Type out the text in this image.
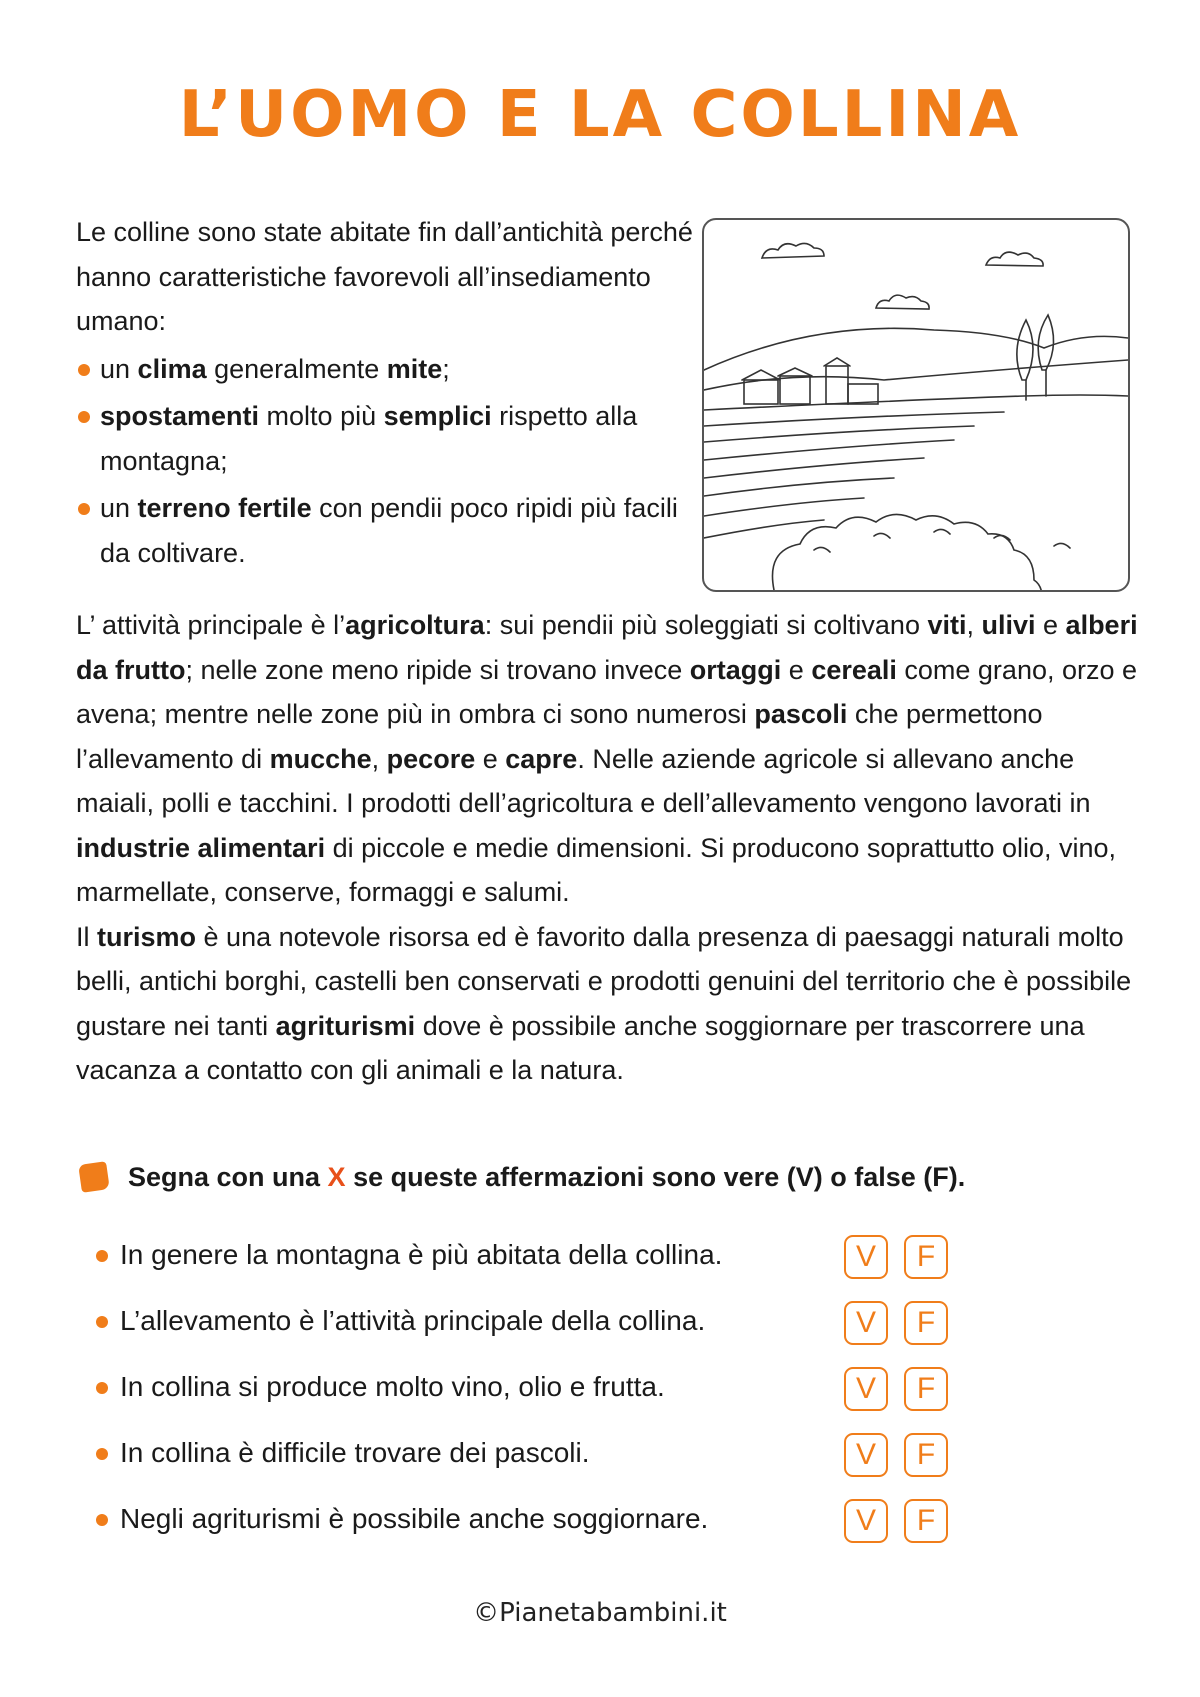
L’UOMO E LA COLLINA

Le colline sono state abitate fin dall’antichità perché hanno caratteristiche favorevoli all’insediamento umano:

un clima generalmente mite;
spostamenti molto più semplici rispetto alla montagna;
un terreno fertile con pendii poco ripidi più facili da coltivare.

L’ attività principale è l’agricoltura: sui pendii più soleggiati si coltivano viti, ulivi e alberi da frutto; nelle zone meno ripide si trovano invece ortaggi e cereali come grano, orzo e avena; mentre nelle zone più in ombra ci sono numerosi pascoli che permettono l’allevamento di mucche, pecore e capre. Nelle aziende agricole si allevano anche maiali, polli e tacchini. I prodotti dell’agricoltura e dell’allevamento vengono lavorati in industrie alimentari di piccole e medie dimensioni. Si producono soprattutto olio, vino, marmellate, conserve, formaggi e salumi.

Il turismo è una notevole risorsa ed è favorito dalla presenza di paesaggi naturali molto belli, antichi borghi, castelli ben conservati e prodotti genuini del territorio che è possibile gustare nei tanti agriturismi dove è possibile anche soggiornare per trascorrere una vacanza a contatto con gli animali e la natura.

Segna con una X se queste affermazioni sono vere (V) o false (F).
In genere la montagna è più abitata della collina.	V	F
L’allevamento è l’attività principale della collina.	V	F
In collina si produce molto vino, olio e frutta.	V	F
In collina è difficile trovare dei pascoli.	V	F
Negli agriturismi è possibile anche soggiornare.	V	F
©Pianetabambini.it
